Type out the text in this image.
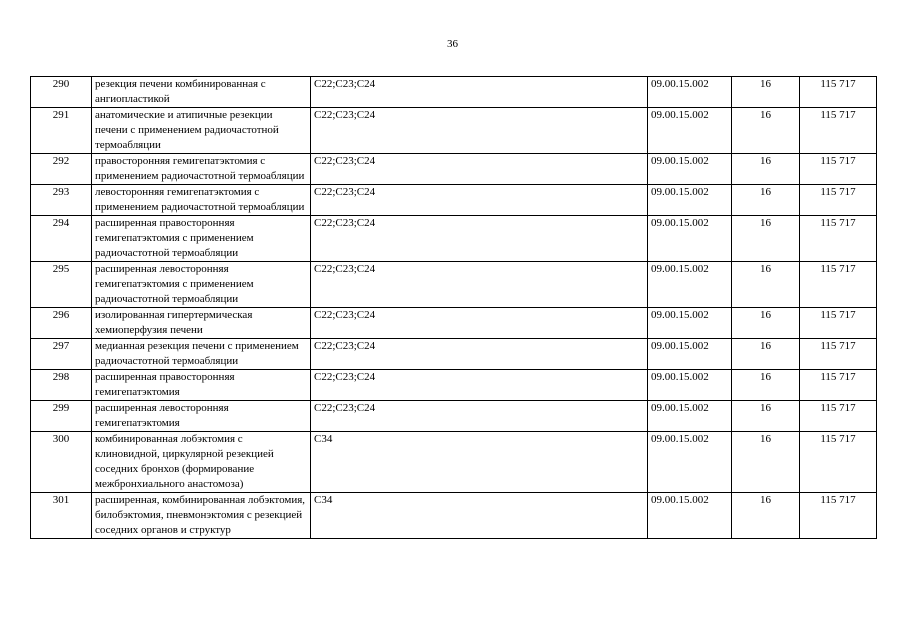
36
290	резекция печени комбинированная с ангиопластикой	С22;С23;С24	09.00.15.002	16	115 717
291	анатомические и атипичные резекции печени с применением радиочастотной термоабляции	С22;С23;С24	09.00.15.002	16	115 717
292	правосторонняя гемигепатэктомия с применением радиочастотной термоабляции	С22;С23;С24	09.00.15.002	16	115 717
293	левосторонняя гемигепатэктомия с применением радиочастотной термоабляции	С22;С23;С24	09.00.15.002	16	115 717
294	расширенная правосторонняя гемигепатэктомия с применением радиочастотной термоабляции	С22;С23;С24	09.00.15.002	16	115 717
295	расширенная левосторонняя гемигепатэктомия с применением радиочастотной термоабляции	С22;С23;С24	09.00.15.002	16	115 717
296	изолированная гипертермическая хемиоперфузия печени	С22;С23;С24	09.00.15.002	16	115 717
297	медианная резекция печени с применением радиочастотной термоабляции	С22;С23;С24	09.00.15.002	16	115 717
298	расширенная правосторонняя гемигепатэктомия	С22;С23;С24	09.00.15.002	16	115 717
299	расширенная левосторонняя гемигепатэктомия	С22;С23;С24	09.00.15.002	16	115 717
300	комбинированная лобэктомия с клиновидной, циркулярной резекцией соседних бронхов (формирование межбронхиального анастомоза)	С34	09.00.15.002	16	115 717
301	расширенная, комбинированная лобэктомия, билобэктомия, пневмонэктомия с резекцией соседних органов и структур	С34	09.00.15.002	16	115 717
